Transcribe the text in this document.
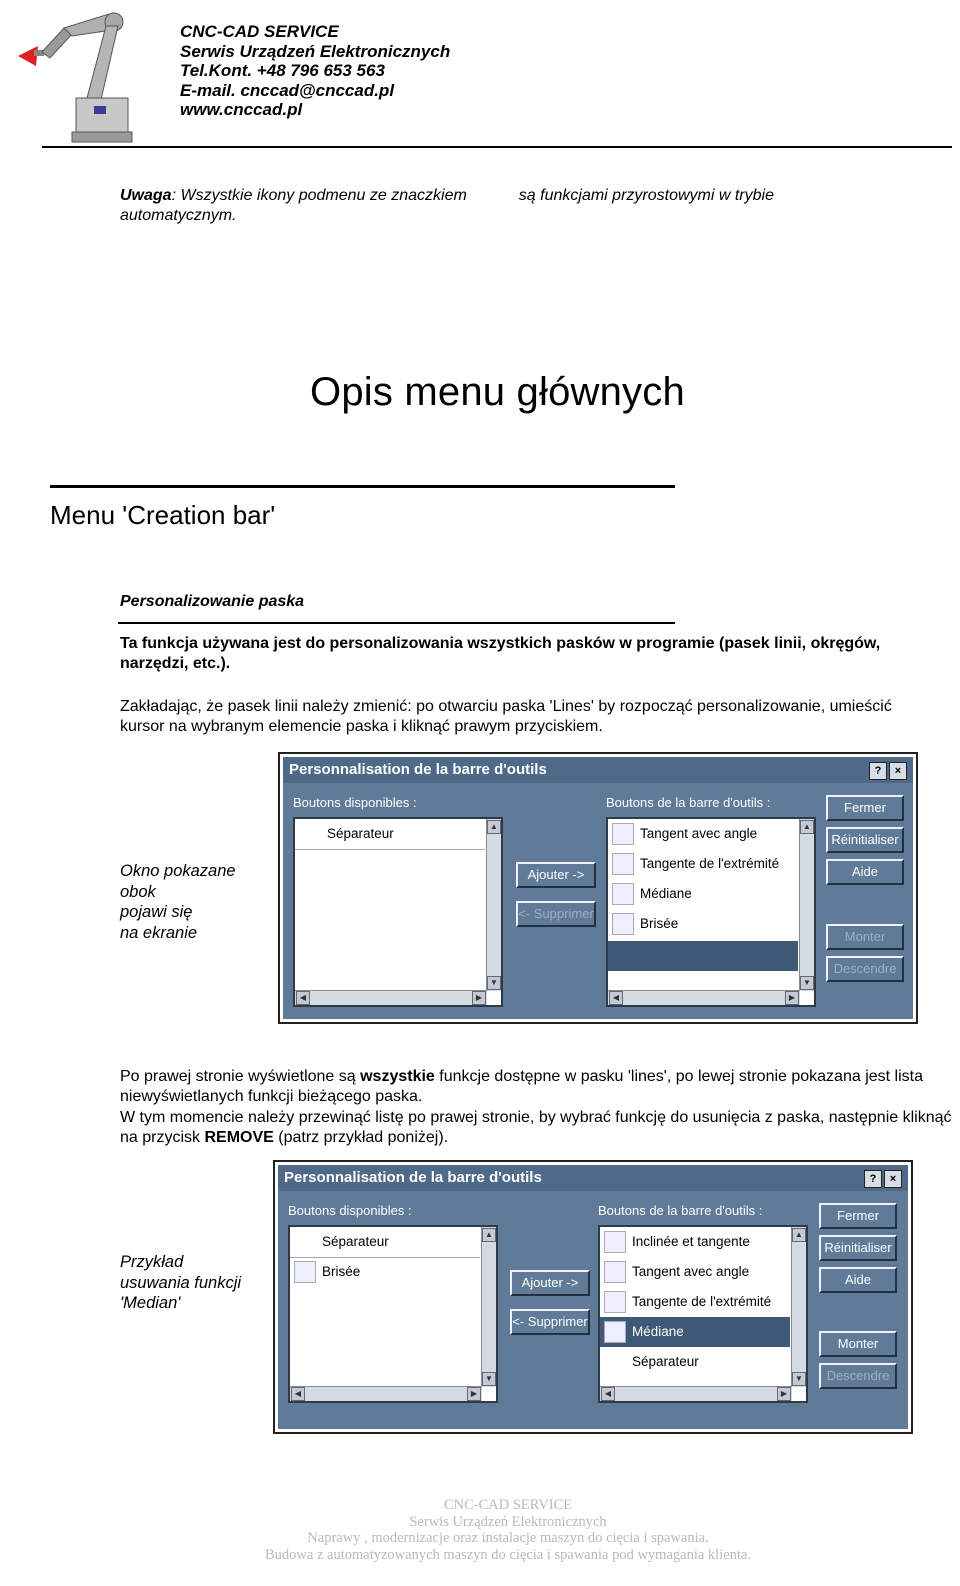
CNC-CAD SERVICE
Serwis Urządzeń Elektronicznych
Tel.Kont. +48 796 653 563
E-mail. cnccad@cnccad.pl
www.cnccad.pl
Uwaga: Wszystkie ikony podmenu ze znaczkiem	są funkcjami przyrostowymi w trybie
automatycznym.
Opis menu głównych
Menu 'Creation bar'
Personalizowanie paska
Ta funkcja używana jest do personalizowania wszystkich pasków w programie (pasek linii, okręgów, narzędzi, etc.).
Zakładając, że pasek linii należy zmienić: po otwarciu paska 'Lines' by rozpocząć personalizowanie, umieścić kursor na wybranym elemencie paska i kliknąć prawym przyciskiem.
Okno pokazane
obok
pojawi się
na ekranie
Personnalisation de la barre d'outils	?	×
Boutons disponibles :	Boutons de la barre d'outils :
Séparateur	▲
▼
◀	▶
Ajouter ->
<- Supprimer
Tangent avec angle
Tangente de l'extrémité
Médiane
Brisée
▲
▼
◀	▶
Fermer
Réinitialiser
Aide
Monter
Descendre
Po prawej stronie wyświetlone są wszystkie funkcje dostępne w pasku 'lines', po lewej stronie pokazana jest lista niewyświetlanych funkcji bieżącego paska.
W tym momencie należy przewinąć listę po prawej stronie, by wybrać funkcję do usunięcia z paska, następnie kliknąć na przycisk REMOVE (patrz przykład poniżej).
Przykład
usuwania funkcji
'Median'
Personnalisation de la barre d'outils	?	×
Boutons disponibles :	Boutons de la barre d'outils :
Séparateur
Brisée
▲
▼
◀	▶
Ajouter ->
<- Supprimer
Inclinée et tangente
Tangent avec angle
Tangente de l'extrémité
Médiane
Séparateur
▲
▼
◀	▶
Fermer
Réinitialiser
Aide
Monter
Descendre
CNC-CAD SERVICE
Serwis Urządzeń Elektronicznych
Naprawy , modernizacje oraz instalacje maszyn do cięcia i spawania.
Budowa z automatyzowanych maszyn do cięcia i spawania pod wymagania klienta.
